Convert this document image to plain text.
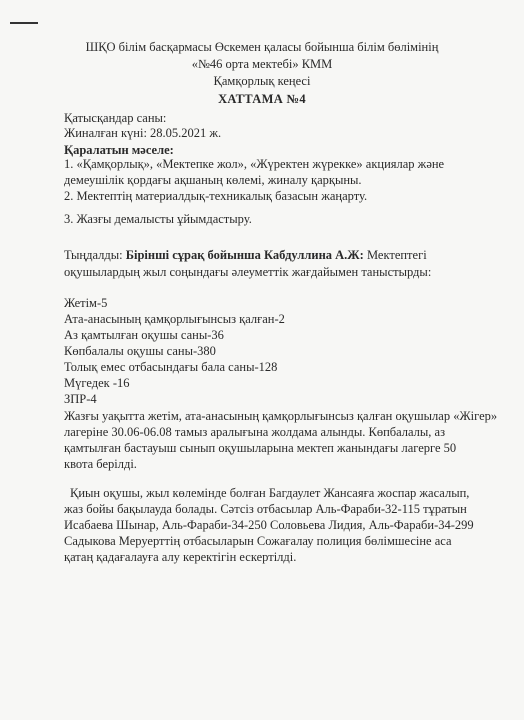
ШҚО білім басқармасы Өскемен қаласы бойынша білім бөлімінің
«№46 орта мектебі» КММ
Қамқорлық кеңесі
ХАТТАМА №4
Қатысқандар саны:
Жиналған күні: 28.05.2021 ж.
Қаралатын мәселе:
1. «Қамқорлық», «Мектепке жол», «Жүректен жүрекке» акциялар және
демеушілік қордағы ақшаның көлемі, жиналу қарқыны.
2. Мектептің материалдық-техникалық базасын жаңарту.
3. Жазғы демалысты ұйымдастыру.
Тыңдалды: Бірінші сұрақ бойынша Кабдуллина А.Ж: Мектептегі
оқушылардың жыл соңындағы әлеуметтік жағдайымен таныстырды:
Жетім-5
Ата-анасының қамқорлығынсыз қалған-2
Аз қамтылған оқушы саны-36
Көпбалалы оқушы саны-380
Толық емес отбасындағы бала саны-128
Мүгедек -16
ЗПР-4
Жазғы уақытта жетім, ата-анасының қамқорлығынсыз қалған оқушылар «Жігер»
лагеріне 30.06-06.08 тамыз аралығына жолдама алынды. Көпбалалы, аз
қамтылған бастауыш сынып оқушыларына мектеп жанындағы лагерге 50
квота берілді.
Қиын оқушы, жыл көлемінде болған Багдаулет Жансаяға жоспар жасалып,
жаз бойы бақылауда болады. Сәтсіз отбасылар Аль-Фараби-32-115 тұратын
Исабаева Шынар, Аль-Фараби-34-250 Соловьева Лидия, Аль-Фараби-34-299
Садыкова Меруерттің отбасыларын Сожағалау полиция бөлімшесіне аса
қатаң қадағалауға алу керектігін ескертілді.
